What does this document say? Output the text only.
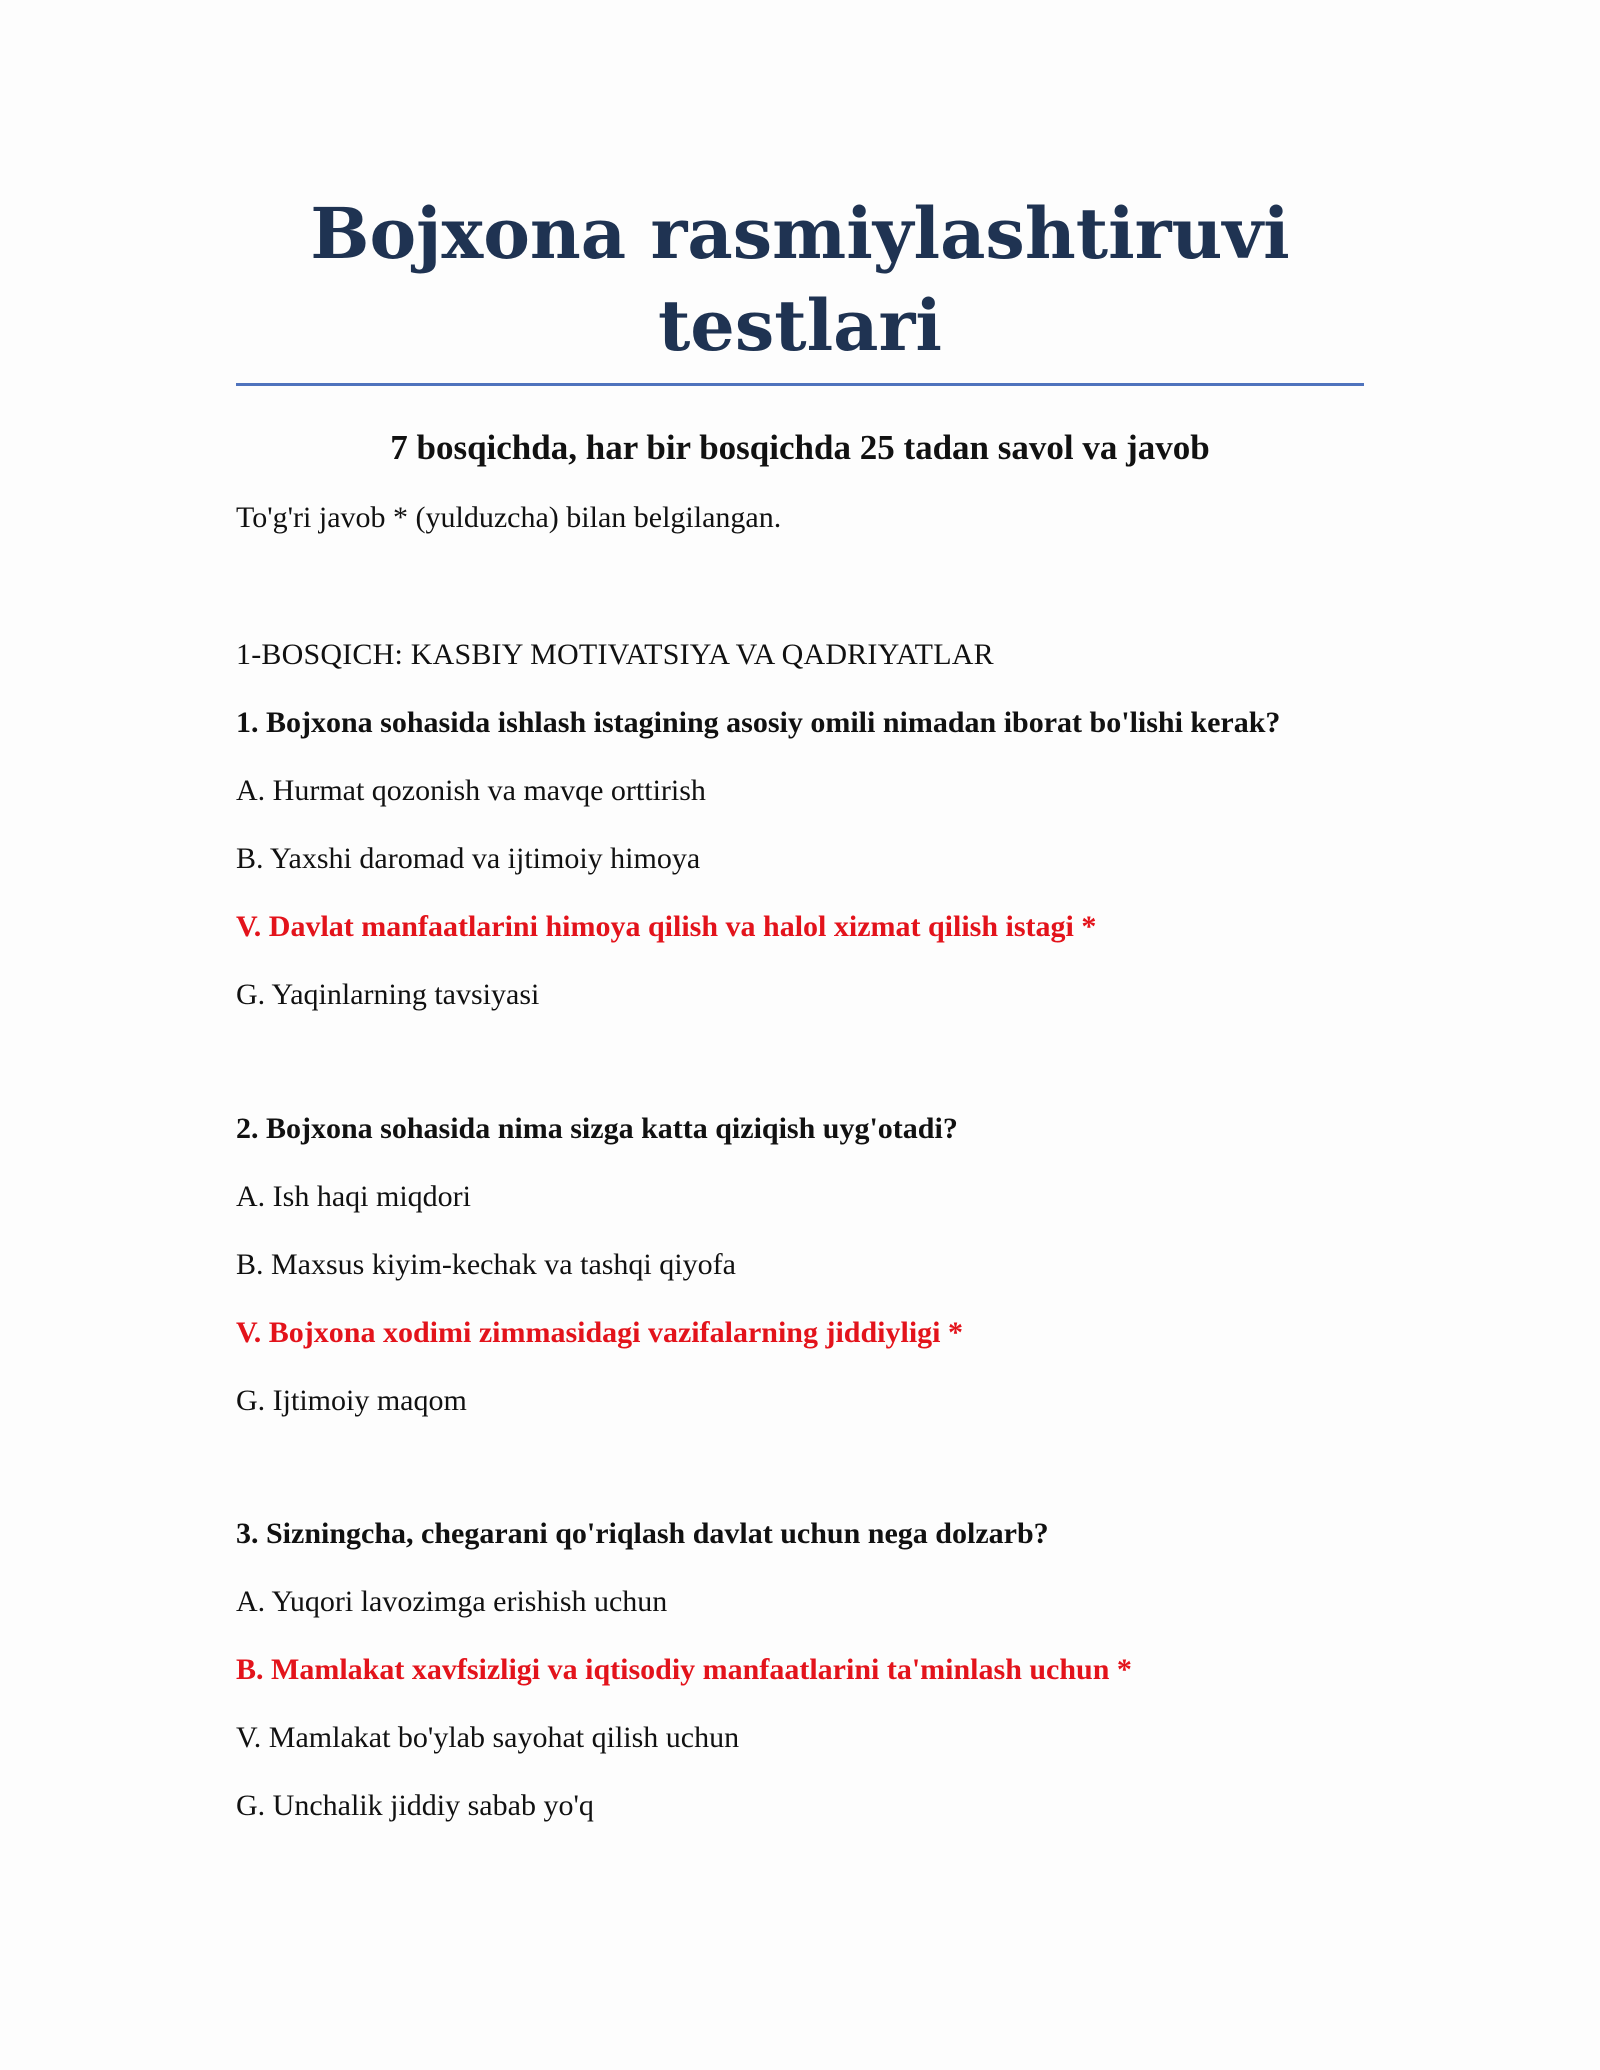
Bojxona rasmiylashtiruvi
testlari

7 bosqichda, har bir bosqichda 25 tadan savol va javob

To'g'ri javob * (yulduzcha) bilan belgilangan.

1-BOSQICH: KASBIY MOTIVATSIYA VA QADRIYATLAR

1. Bojxona sohasida ishlash istagining asosiy omili nimadan iborat bo'lishi kerak?

A. Hurmat qozonish va mavqe orttirish

B. Yaxshi daromad va ijtimoiy himoya

V. Davlat manfaatlarini himoya qilish va halol xizmat qilish istagi *

G. Yaqinlarning tavsiyasi

2. Bojxona sohasida nima sizga katta qiziqish uyg'otadi?

A. Ish haqi miqdori

B. Maxsus kiyim-kechak va tashqi qiyofa

V. Bojxona xodimi zimmasidagi vazifalarning jiddiyligi *

G. Ijtimoiy maqom

3. Sizningcha, chegarani qo'riqlash davlat uchun nega dolzarb?

A. Yuqori lavozimga erishish uchun

B. Mamlakat xavfsizligi va iqtisodiy manfaatlarini ta'minlash uchun *

V. Mamlakat bo'ylab sayohat qilish uchun

G. Unchalik jiddiy sabab yo'q
